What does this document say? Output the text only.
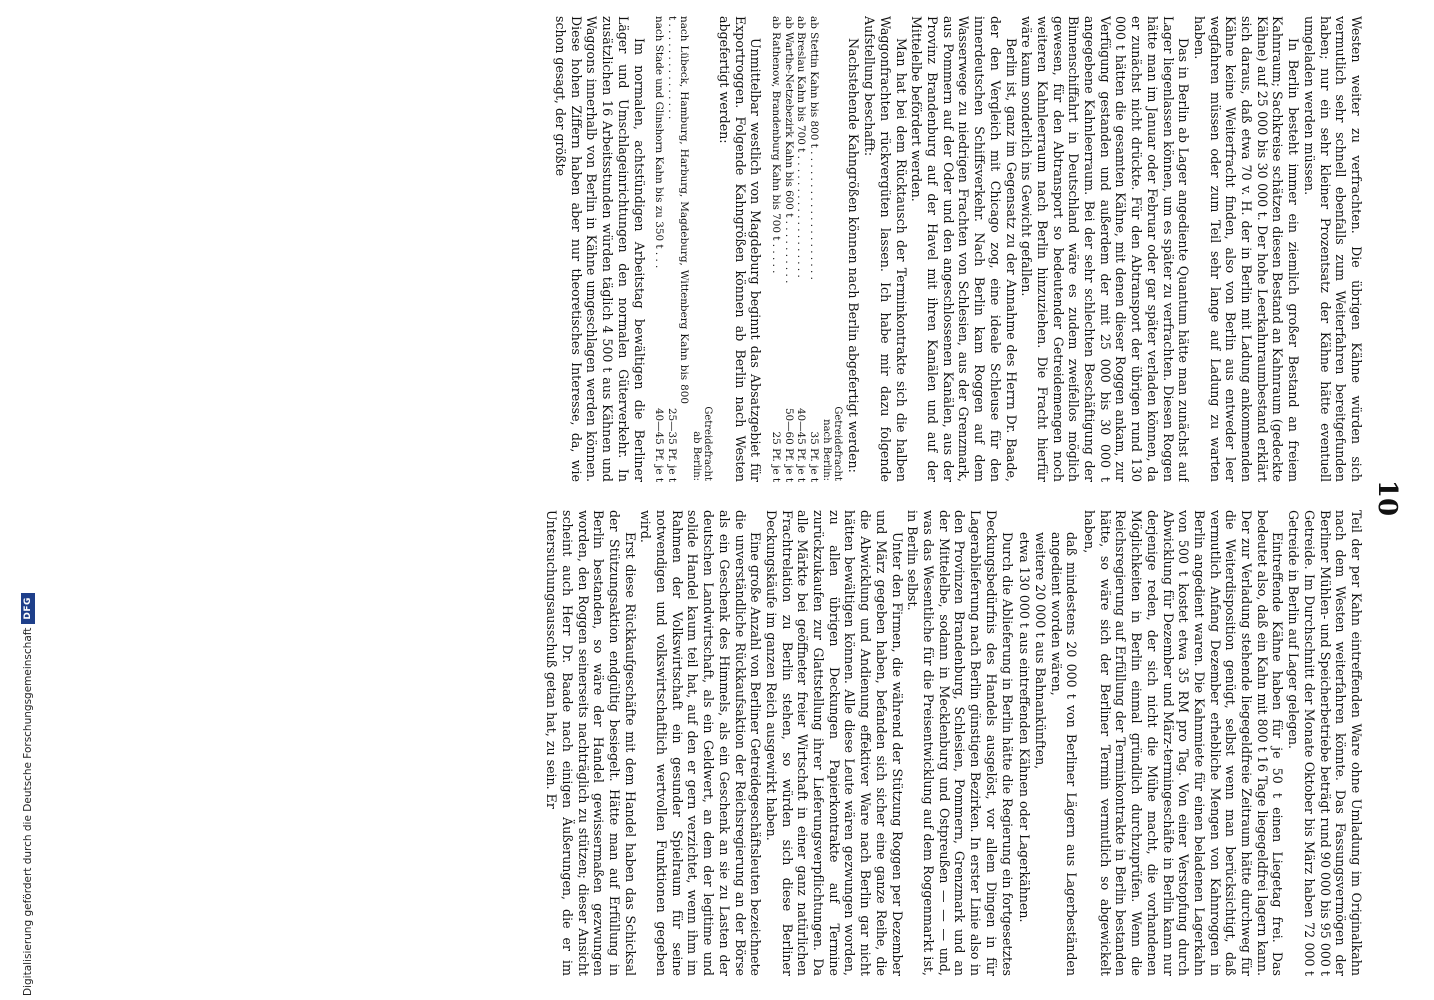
10

Westen weiter zu verfrachten. Die übrigen Kähne würden sich vermutlich sehr schnell ebenfalls zum Weiterfahren bereitgefunden haben; nur ein sehr kleiner Prozentsatz der Kähne hätte eventuell umgeladen werden müssen.

In Berlin besteht immer ein ziemlich großer Bestand an freiem Kahnraum; Sachkreise schätzen diesen Bestand an Kahnraum (gedeckte Kähne) auf 25 000 bis 30 000 t. Der hohe Leerkahnraumbestand erklärt sich daraus, daß etwa 70 v. H. der in Berlin mit Ladung ankommenden Kähne keine Weiterfracht finden, also von Berlin aus entweder leer wegfahren müssen oder zum Teil sehr lange auf Ladung zu warten haben.

Das in Berlin ab Lager angediente Quantum hätte man zunächst auf Lager liegenlassen können, um es später zu verfrachten. Diesen Roggen hätte man im Januar oder Februar oder gar später verladen können, da er zunächst nicht drückte. Für den Abtransport der übrigen rund 130 000 t hätten die gesamten Kähne, mit denen dieser Roggen ankam, zur Verfügung gestanden und außerdem der mit 25 000 bis 30 000 t angegebene Kahnleerraum. Bei der sehr schlechten Beschäftigung der Binnenschiffahrt in Deutschland wäre es zudem zweifellos möglich gewesen, für den Abtransport so bedeutender Getreidemengen noch weiteren Kahnleerraum nach Berlin hinzuziehen. Die Fracht hierfür wäre kaum sonderlich ins Gewicht gefallen.

Berlin ist, ganz im Gegensatz zu der Annahme des Herrn Dr. Baade, der den Vergleich mit Chicago zog, eine ideale Schleuse für den innerdeutschen Schiffsverkehr. Nach Berlin kam Roggen auf dem Wasserwege zu niedrigen Frachten von Schlesien, aus der Grenzmark, aus Pommern auf der Oder und den angeschlossenen Kanälen, aus der Provinz Brandenburg auf der Havel mit ihren Kanälen und auf der Mittelelbe befördert werden.

Man hat bei dem Rücktausch der Terminkontrakte sich die halben Waggonfrachten rückvergüten lassen. Ich habe mir dazu folgende Aufstellung beschafft:

Nachstehende Kahngrößen können nach Berlin abgefertigt werden:

	Getreidefracht nach Berlin:
ab Stettin Kahn bis 800 t . . . . . . . . . . . . . . . . . . . .	35 Pf. je t
ab Breslau Kahn bis 700 t . . . . . . . . . . . . . . . . . . .	40—45 Pf. je t
ab Warthe-Netzebezirk Kahn bis 600 t . . . . . . . . . .	50—60 Pf. je t
ab Rathenow, Brandenburg Kahn bis 700 t . . . . .	25 Pf. je t

Unmittelbar westlich von Magdeburg beginnt das Absatzgebiet für Exportroggen. Folgende Kahngrößen können ab Berlin nach Westen abgefertigt werden:

	Getreidefracht ab Berlin:
nach Lübeck, Hamburg, Harburg, Magdeburg, Wittenberg Kahn bis 800 t . . . . . . . . . . . . . . .	25—35 Pf. je t
nach Stade und Glinshorn Kahn bis zu 350 t . . .	40—45 Pf. je t

Im normalen, achtstündigen Arbeitstag bewältigen die Berliner Läger und Umschlageinrichtungen den normalen Güterverkehr. In zusätzlichen 16 Arbeitsstunden würden täglich 4 500 t aus Kähnen und Waggons innerhalb von Berlin in Kähne umgeschlagen werden können. Diese hohen Ziffern haben aber nur theoretisches Interesse, da, wie schon gesagt, der größte

Teil der per Kahn eintreffenden Ware ohne Umladung im Originalkahn nach dem Westen weiterfahren könnte. Das Fassungsvermögen der Berliner Mühlen- und Speicherbetriebe beträgt rund 90 000 bis 95 000 t Getreide. Im Durchschnitt der Monate Oktober bis März haben 72 000 t Getreide in Berlin auf Lager gelegen.

Eintreffende Kähne haben für je 50 t einen Liegetag frei. Das bedeutet also, daß ein Kahn mit 800 t 16 Tage liegegeldfrei lagern kann. Der zur Verladung stehende liegegeldfreie Zeitraum hätte durchweg für die Weiterdisposition genügt, selbst wenn man berücksichtigt, daß vermutlich Anfang Dezember erhebliche Mengen von Kahnroggen in Berlin angedient waren. Die Kahnmiete für einen beladenen Lagerkahn von 500 t kostet etwa 35 RM pro Tag. Von einer Verstopfung durch Abwicklung für Dezember und März-termingeschäfte in Berlin kann nur derjenige reden, der sich nicht die Mühe macht, die vorhandenen Möglichkeiten in Berlin einmal gründlich durchzuprüfen. Wenn die Reichsregierung auf Erfüllung der Terminkontrakte in Berlin bestanden hätte, so wäre sich der Berliner Termin vermutlich so abgewickelt haben,

daß mindestens 20 000 t von Berliner Lägern aus Lagerbeständen angedient worden wären,

weitere 20 000 t aus Bahnankünften,

etwa 130 000 t aus eintreffenden Kähnen oder Lagerkähnen.

Durch die Ablieferung in Berlin hätte die Regierung ein fortgesetztes Deckungsbedürfnis des Handels ausgelöst, vor allem Dingen in für Lagerablieferung nach Berlin günstigen Bezirken. In erster Linie also in den Provinzen Brandenburg, Schlesien, Pommern, Grenzmark und an der Mittelelbe, sodann in Mecklenburg und Ostpreußen — — — und, was das Wesentliche für die Preisentwicklung auf dem Roggenmarkt ist, in Berlin selbst.

Unter den Firmen, die während der Stützung Roggen per Dezember und März gegeben haben, befanden sich sicher eine ganze Reihe, die die Abwicklung und Andienung effektiver Ware nach Berlin gar nicht hätten bewältigen können. Alle diese Leute wären gezwungen worden, zu allen übrigen Deckungen Papierkontrakte auf Termine zurückzukaufen zur Glattstellung ihrer Lieferungsverpflichtungen. Da alle Märkte bei geöffneter freier Wirtschaft in einer ganz natürlichen Frachtrelation zu Berlin stehen, so würden sich diese Berliner Deckungskäufe im ganzen Reich ausgewirkt haben.

Eine große Anzahl von Berliner Getreidegeschäftsleuten bezeichnete die unverständliche Rückkaufsaktion der Reichsregierung an der Börse als ein Geschenk des Himmels, als ein Geschenk an sie zu Lasten der deutschen Landwirtschaft, als ein Geldwert, an dem der legitime und solide Handel kaum teil hat, auf den er gern verzichtet, wenn ihm im Rahmen der Volkswirtschaft ein gesunder Spielraum für seine notwendigen und volkswirtschaftlich wertvollen Funktionen gegeben wird.

Erst diese Rückkaufgeschäfte mit dem Handel haben das Schicksal der Stützungsaktion endgültig besiegelt. Hätte man auf Erfüllung in Berlin bestanden, so wäre der Handel gewissermaßen gezwungen worden, den Roggen seinerseits nachträglich zu stützen; dieser Ansicht scheint auch Herr Dr. Baade nach einigen Äußerungen, die er im Untersuchungsausschuß getan hat, zu sein. Er

Digitalisierung gefördert durch die Deutsche Forschungsgemeinschaft
DFG
